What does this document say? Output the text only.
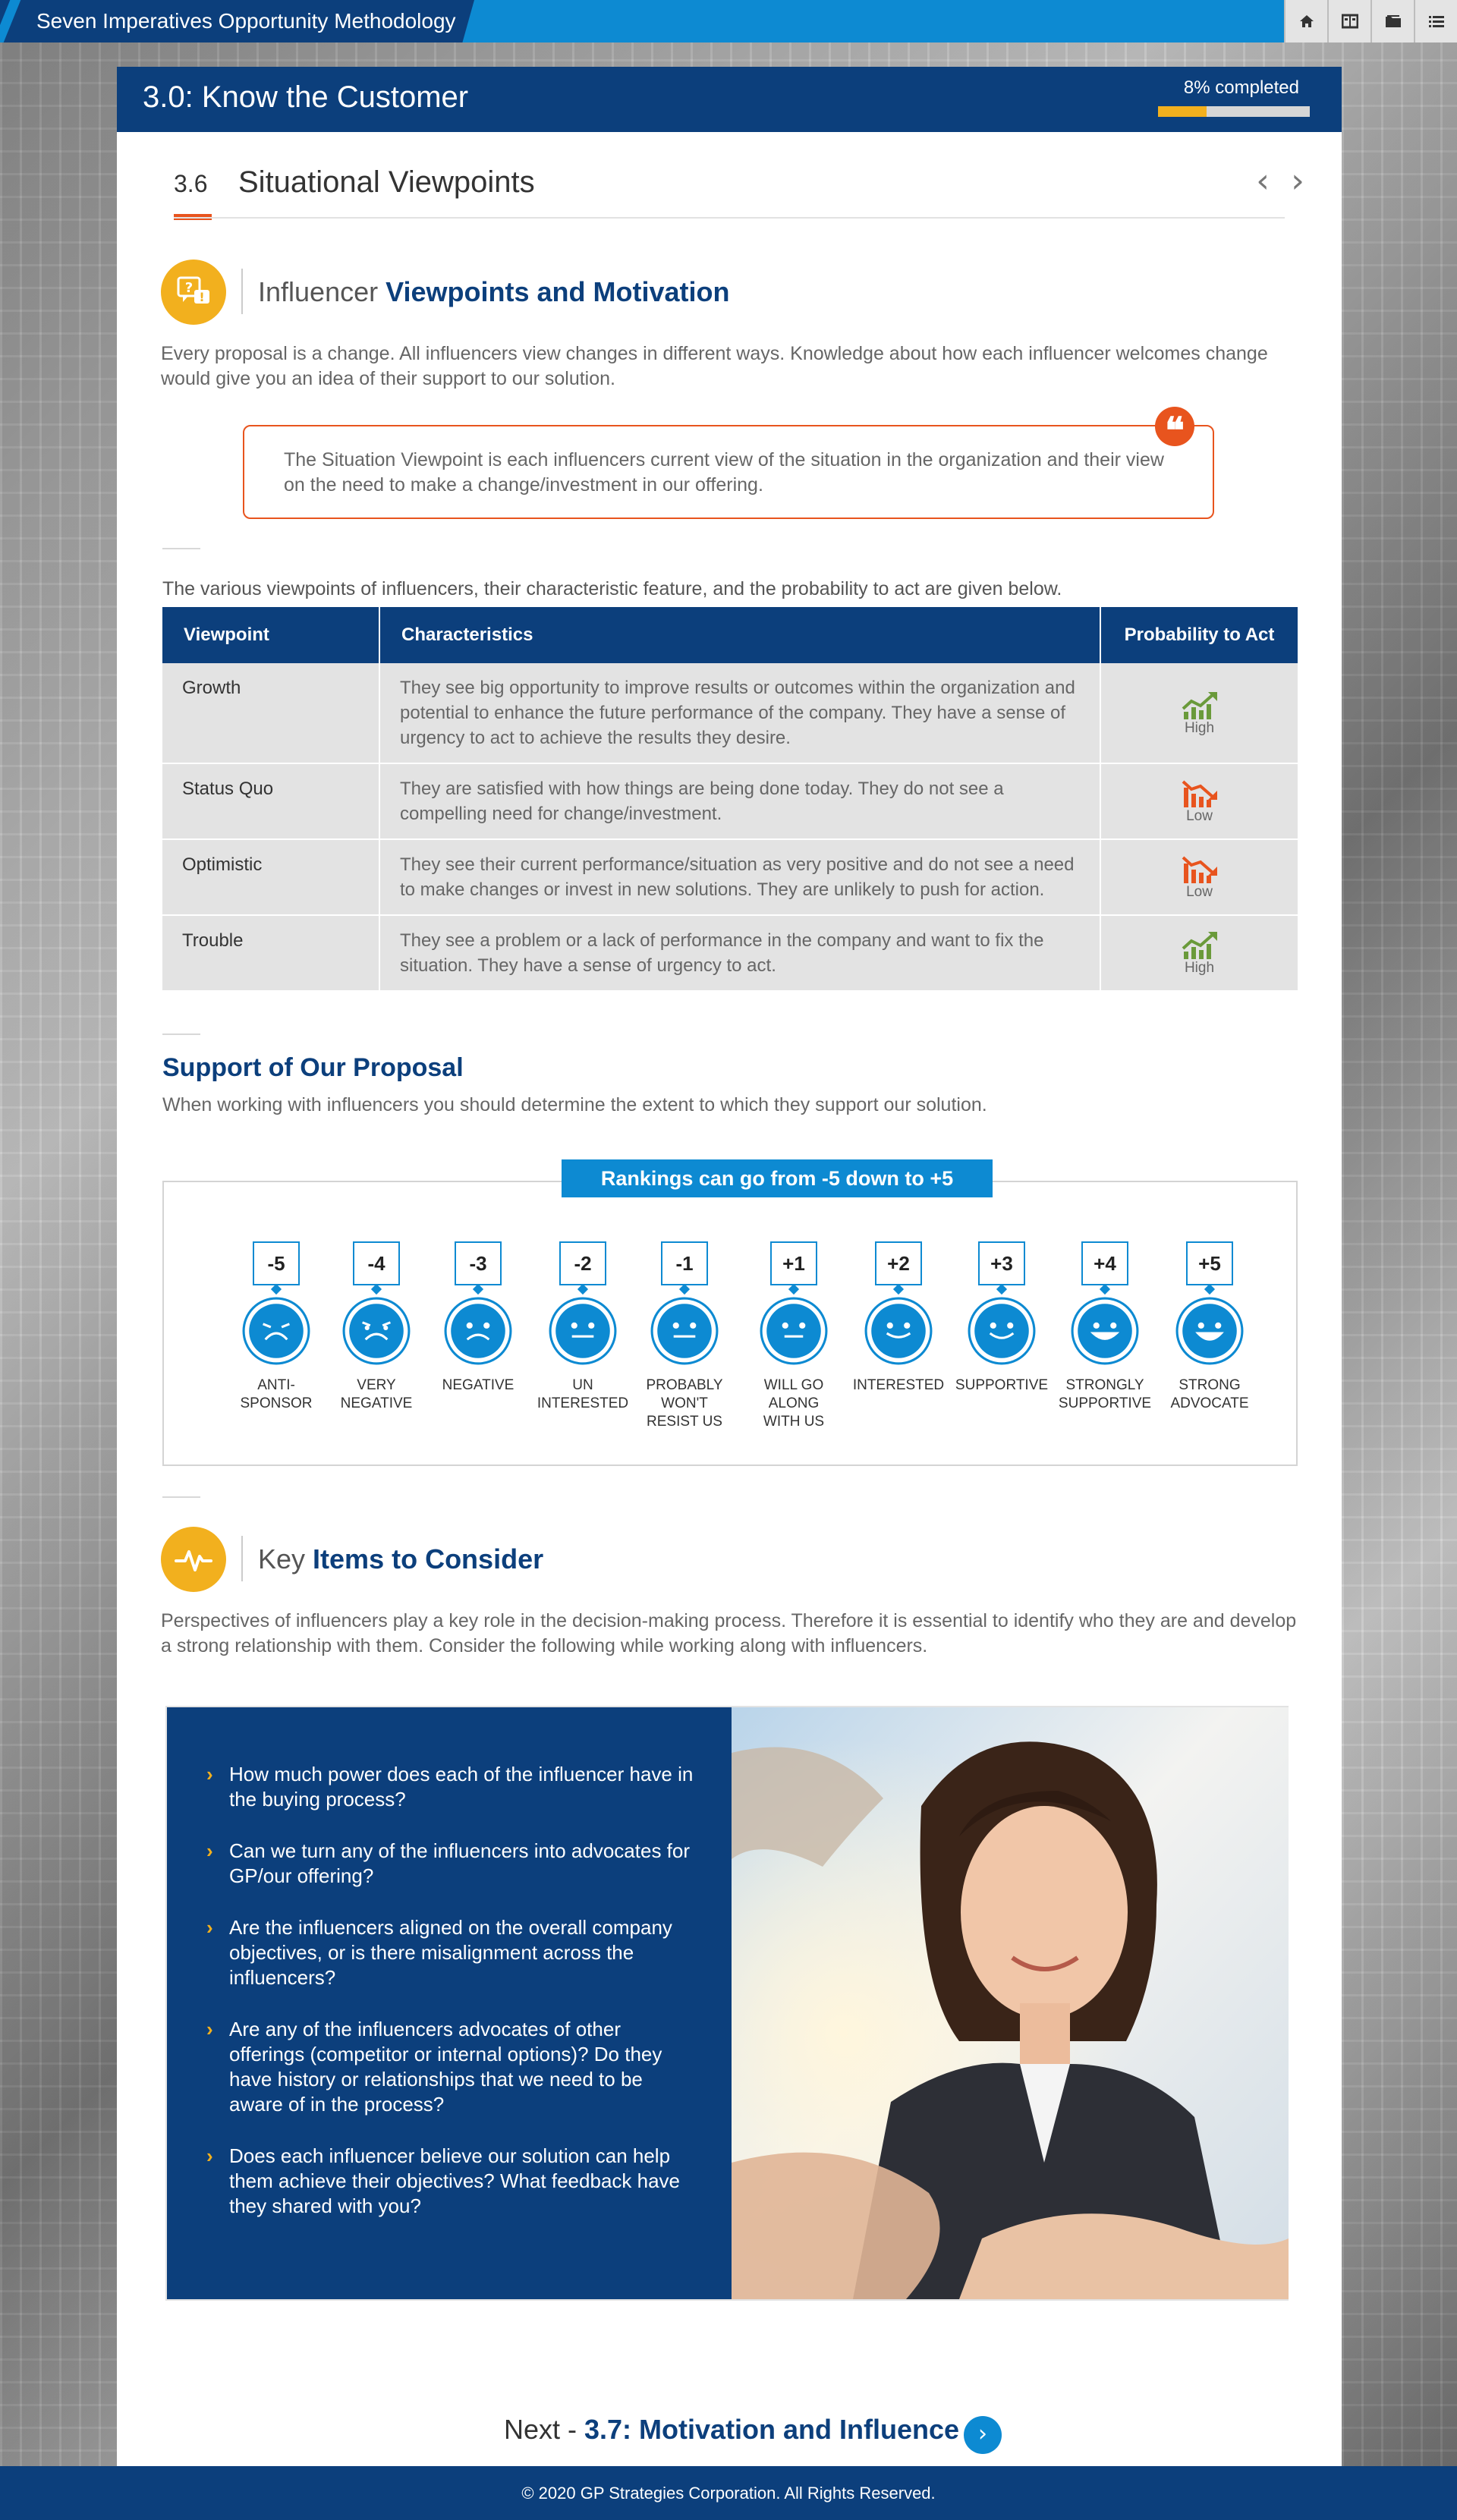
Seven Imperatives Opportunity Methodology
3.0: Know the Customer	8% completed
3.6 Situational Viewpoints	‹ ›
?
! Influencer Viewpoints and Motivation

Every proposal is a change. All influencers view changes in different ways. Knowledge about how each influencer welcomes change would give you an idea of their support to our solution.

The Situation Viewpoint is each influencers current view of the situation in the organization and their view on the need to make a change/investment in our offering.
❝

The various viewpoints of influencers, their characteristic feature, and the probability to act are given below.

Viewpoint	Characteristics	Probability to Act
Growth	They see big opportunity to improve results or outcomes within the organization and potential to enhance the future performance of the company. They have a sense of urgency to act to achieve the results they desire.	High

Status Quo	They are satisfied with how things are being done today. They do not see a compelling need for change/investment.	Low

Optimistic	They see their current performance/situation as very positive and do not see a need to make changes or invest in new solutions. They are unlikely to push for action.	Low

Trouble	They see a problem or a lack of performance in the company and want to fix the situation. They have a sense of urgency to act.	High
Support of Our Proposal

When working with influencers you should determine the extent to which they support our solution.

Rankings can go from -5 down to +5
-5
ANTI-
SPONSOR
-4
VERY
NEGATIVE
-3
NEGATIVE
-2
UN
INTERESTED
-1
PROBABLY
WON'T
RESIST US
+1
WILL GO
ALONG
WITH US
+2
INTERESTED
+3
SUPPORTIVE
+4
STRONGLY
SUPPORTIVE
+5
STRONG
ADVOCATE
Key Items to Consider

Perspectives of influencers play a key role in the decision-making process. Therefore it is essential to identify who they are and develop a strong relationship with them. Consider the following while working along with influencers.

› How much power does each of the influencer have in the buying process?
› Can we turn any of the influencers into advocates for GP/our offering?
› Are the influencers aligned on the overall company objectives, or is there misalignment across the influencers?
› Are any of the influencers advocates of other offerings (competitor or internal options)? Do they have history or relationships that we need to be aware of in the process?
› Does each influencer believe our solution can help them achieve their objectives? What feedback have they shared with you?
Next - 3.7: Motivation and Influence ›
© 2020 GP Strategies Corporation. All Rights Reserved.
